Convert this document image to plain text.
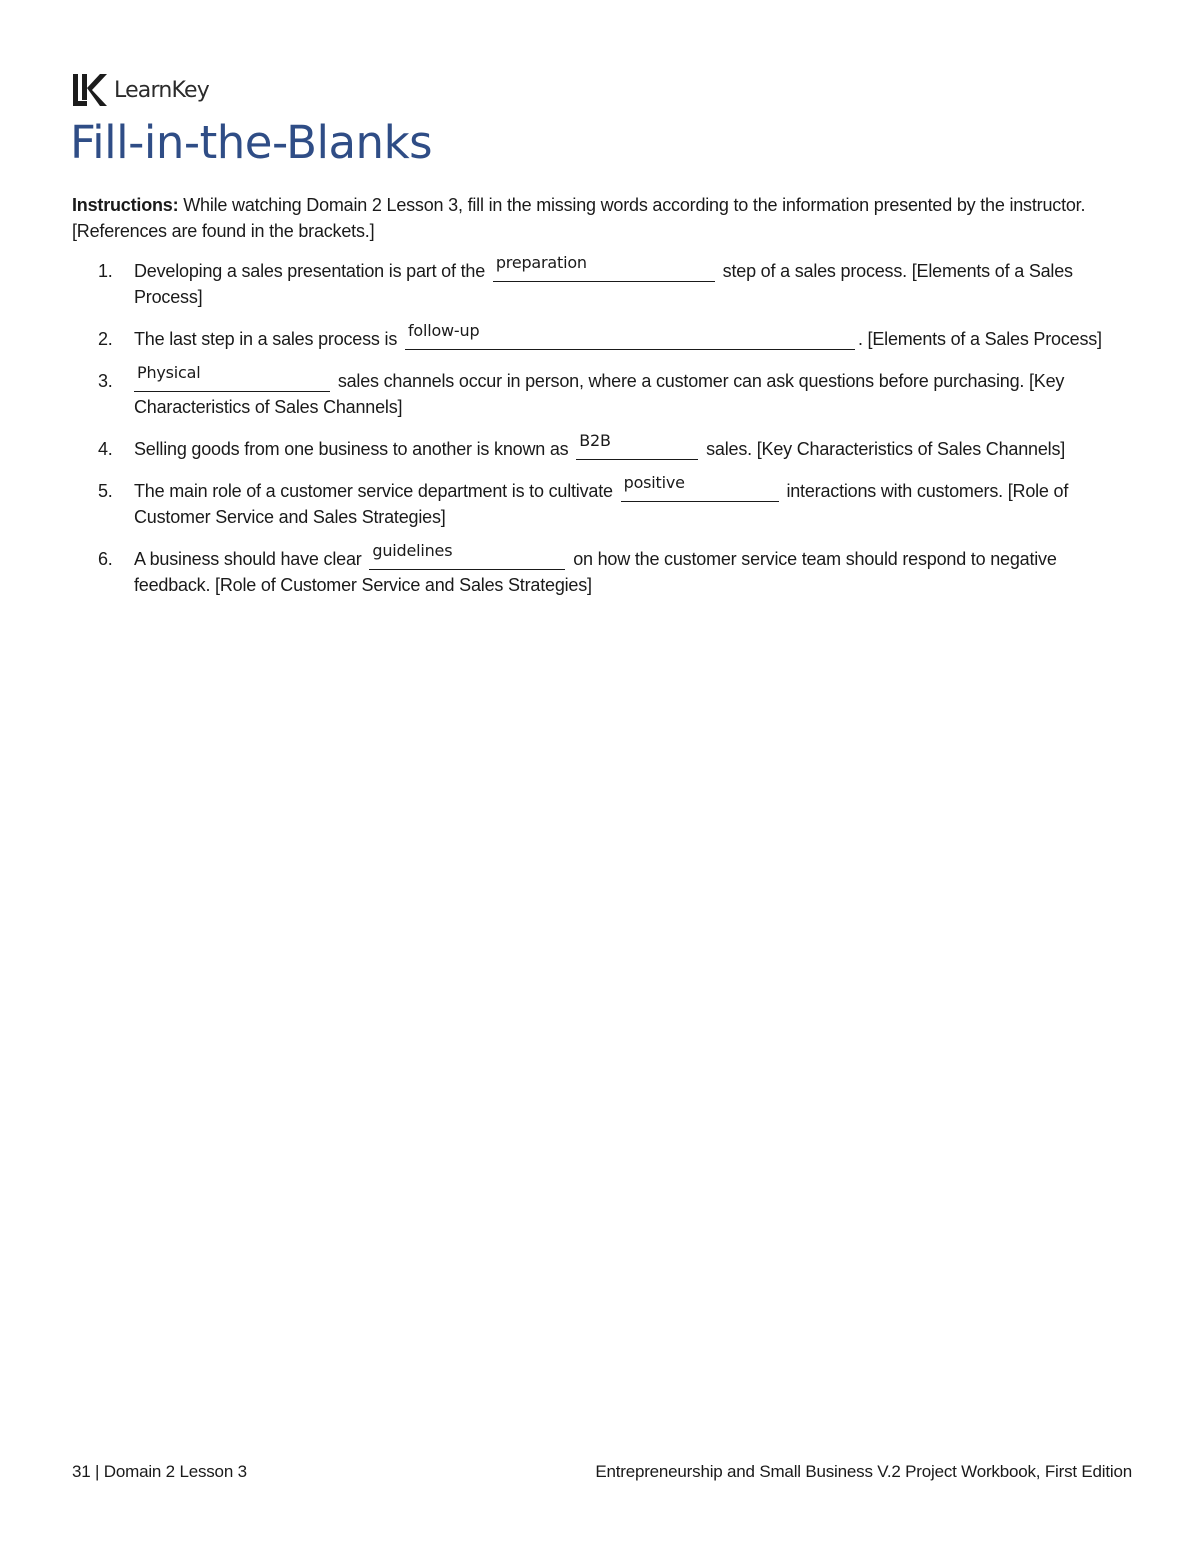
LearnKey
Fill-in-the-Blanks

Instructions: While watching Domain 2 Lesson 3, fill in the missing words according to the information presented by the instructor. [References are found in the brackets.]

1. Developing a sales presentation is part of the preparation	step of a sales process. [Elements of a Sales Process]
2. The last step in a sales process is follow-up	. [Elements of a Sales Process]
3. Physical	sales channels occur in person, where a customer can ask questions before purchasing. [Key Characteristics of Sales Channels]
4. Selling goods from one business to another is known as B2B	sales. [Key Characteristics of Sales Channels]
5. The main role of a customer service department is to cultivate positive	interactions with customers. [Role of Customer Service and Sales Strategies]
6. A business should have clear guidelines	on how the customer service team should respond to negative feedback. [Role of Customer Service and Sales Strategies]
31 | Domain 2 Lesson 3	Entrepreneurship and Small Business V.2 Project Workbook, First Edition
